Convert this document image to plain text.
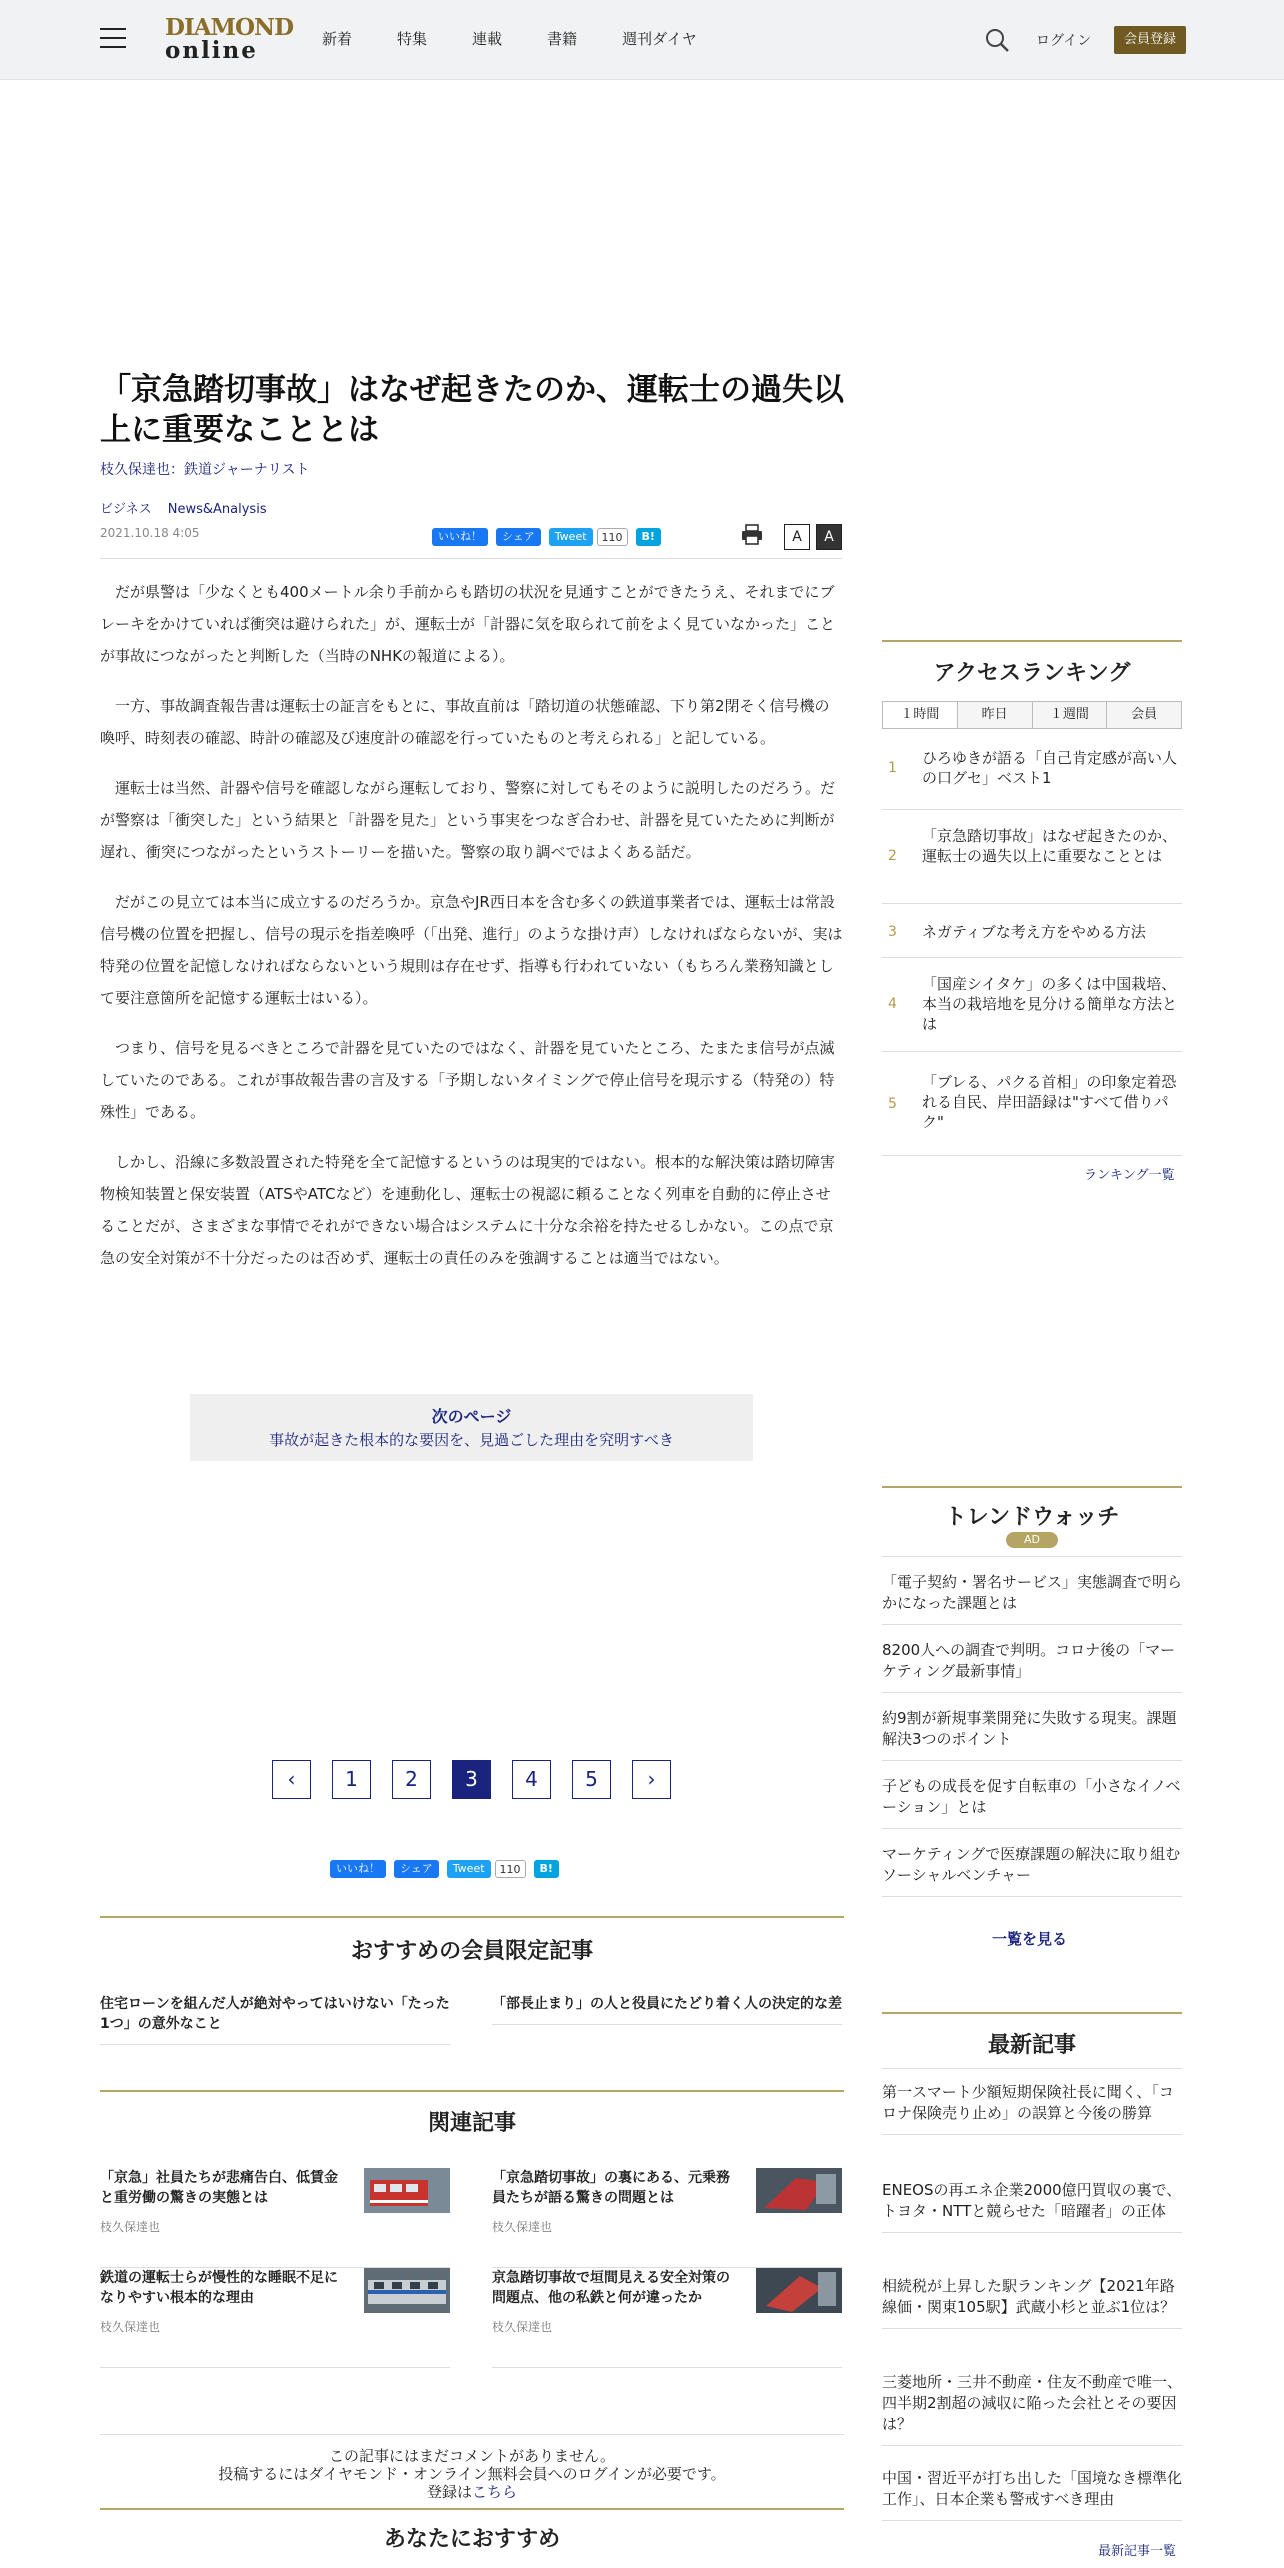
DIAMOND
online	新着	特集	連載	書籍	週刊ダイヤ	ログイン	会員登録
「京急踏切事故」はなぜ起きたのか、運転士の過失以上に重要なこととは
枝久保達也：鉄道ジャーナリスト
ビジネス News&Analysis
2021.10.18 4:05	いいね！	シェア	Tweet	110	B!	A	A

だが県警は「少なくとも400メートル余り手前からも踏切の状況を見通すことができたうえ、それまでにブレーキをかけていれば衝突は避けられた」が、運転士が「計器に気を取られて前をよく見ていなかった」ことが事故につながったと判断した（当時のNHKの報道による）。

一方、事故調査報告書は運転士の証言をもとに、事故直前は「踏切道の状態確認、下り第2閉そく信号機の喚呼、時刻表の確認、時計の確認及び速度計の確認を行っていたものと考えられる」と記している。

運転士は当然、計器や信号を確認しながら運転しており、警察に対してもそのように説明したのだろう。だが警察は「衝突した」という結果と「計器を見た」という事実をつなぎ合わせ、計器を見ていたために判断が遅れ、衝突につながったというストーリーを描いた。警察の取り調べではよくある話だ。

だがこの見立ては本当に成立するのだろうか。京急やJR西日本を含む多くの鉄道事業者では、運転士は常設信号機の位置を把握し、信号の現示を指差喚呼（「出発、進行」のような掛け声）しなければならないが、実は特発の位置を記憶しなければならないという規則は存在せず、指導も行われていない（もちろん業務知識として要注意箇所を記憶する運転士はいる）。

つまり、信号を見るべきところで計器を見ていたのではなく、計器を見ていたところ、たまたま信号が点滅していたのである。これが事故報告書の言及する「予期しないタイミングで停止信号を現示する（特発の）特殊性」である。

しかし、沿線に多数設置された特発を全て記憶するというのは現実的ではない。根本的な解決策は踏切障害物検知装置と保安装置（ATSやATCなど）を連動化し、運転士の視認に頼ることなく列車を自動的に停止させることだが、さまざまな事情でそれができない場合はシステムに十分な余裕を持たせるしかない。この点で京急の安全対策が不十分だったのは否めず、運転士の責任のみを強調することは適当ではない。

次のページ
事故が起きた根本的な要因を、見過ごした理由を究明すべき
‹	1	2	3	4	5	›
いいね！	シェア	Tweet	110	B!
おすすめの会員限定記事
住宅ローンを組んだ人が絶対やってはいけない「たった1つ」の意外なこと
「部長止まり」の人と役員にたどり着く人の決定的な差
関連記事
「京急」社員たちが悲痛告白、低賃金と重労働の驚きの実態とは
枝久保達也
「京急踏切事故」の裏にある、元乗務員たちが語る驚きの問題とは
枝久保達也
鉄道の運転士らが慢性的な睡眠不足になりやすい根本的な理由
枝久保達也
京急踏切事故で垣間見える安全対策の問題点、他の私鉄と何が違ったか
枝久保達也
この記事にはまだコメントがありません。
投稿するにはダイヤモンド・オンライン無料会員へのログインが必要です。
登録はこちら
あなたにおすすめ
アクセスランキング
１時間	昨日	１週間	会員
1
ひろゆきが語る「自己肯定感が高い人の口グセ」ベスト1
2
「京急踏切事故」はなぜ起きたのか、運転士の過失以上に重要なこととは
3 ネガティブな考え方をやめる方法
4
「国産シイタケ」の多くは中国栽培、本当の栽培地を見分ける簡単な方法とは
5
「ブレる、パクる首相」の印象定着恐れる自民、岸田語録は"すべて借りパク"
ランキング一覧
トレンドウォッチ
AD
「電子契約・署名サービス」実態調査で明らかになった課題とは
8200人への調査で判明。コロナ後の「マーケティング最新事情」
約9割が新規事業開発に失敗する現実。課題解決3つのポイント
子どもの成長を促す自転車の「小さなイノベーション」とは
マーケティングで医療課題の解決に取り組むソーシャルベンチャー
一覧を見る
最新記事
第一スマート少額短期保険社長に聞く、「コロナ保険売り止め」の誤算と今後の勝算
ENEOSの再エネ企業2000億円買収の裏で、トヨタ・NTTと競らせた「暗躍者」の正体
相続税が上昇した駅ランキング【2021年路線価・関東105駅】武蔵小杉と並ぶ1位は？
三菱地所・三井不動産・住友不動産で唯一、四半期2割超の減収に陥った会社とその要因は？
中国・習近平が打ち出した「国境なき標準化工作」、日本企業も警戒すべき理由
最新記事一覧
